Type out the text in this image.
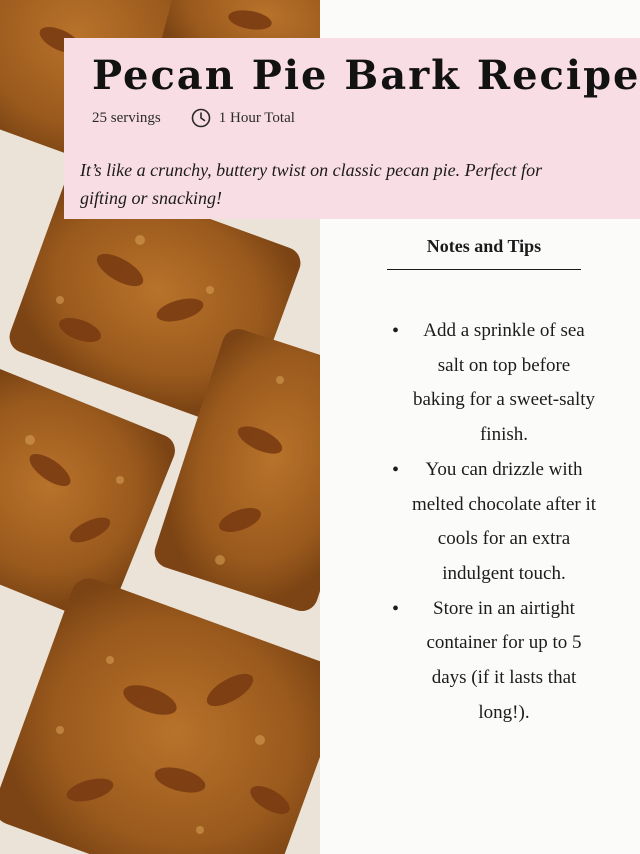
Pecan Pie Bark Recipe
25 servings	1 Hour Total

It’s like a crunchy, buttery twist on classic pecan pie. Perfect for gifting or snacking!

Notes and Tips
• Add a sprinkle of sea salt on top before baking for a sweet-salty finish.
• You can drizzle with melted chocolate after it cools for an extra indulgent touch.
• Store in an airtight container for up to 5 days (if it lasts that long!).
